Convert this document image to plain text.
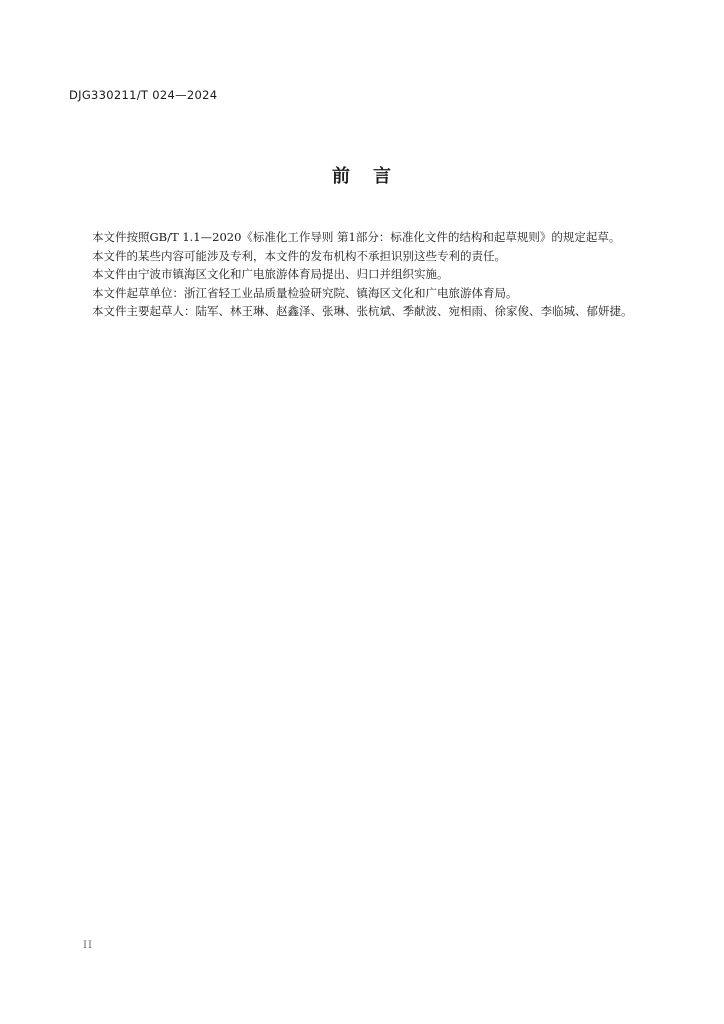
DJG330211/T 024—2024
前 言

本文件按照GB/T 1.1—2020《标准化工作导则 第1部分：标准化文件的结构和起草规则》的规定起草。

本文件的某些内容可能涉及专利，本文件的发布机构不承担识别这些专利的责任。

本文件由宁波市镇海区文化和广电旅游体育局提出、归口并组织实施。

本文件起草单位：浙江省轻工业品质量检验研究院、镇海区文化和广电旅游体育局。

本文件主要起草人：陆军、林王琳、赵鑫泽、张琳、张杭斌、季献波、宛相雨、徐家俊、李临城、郁妍捷。

II
